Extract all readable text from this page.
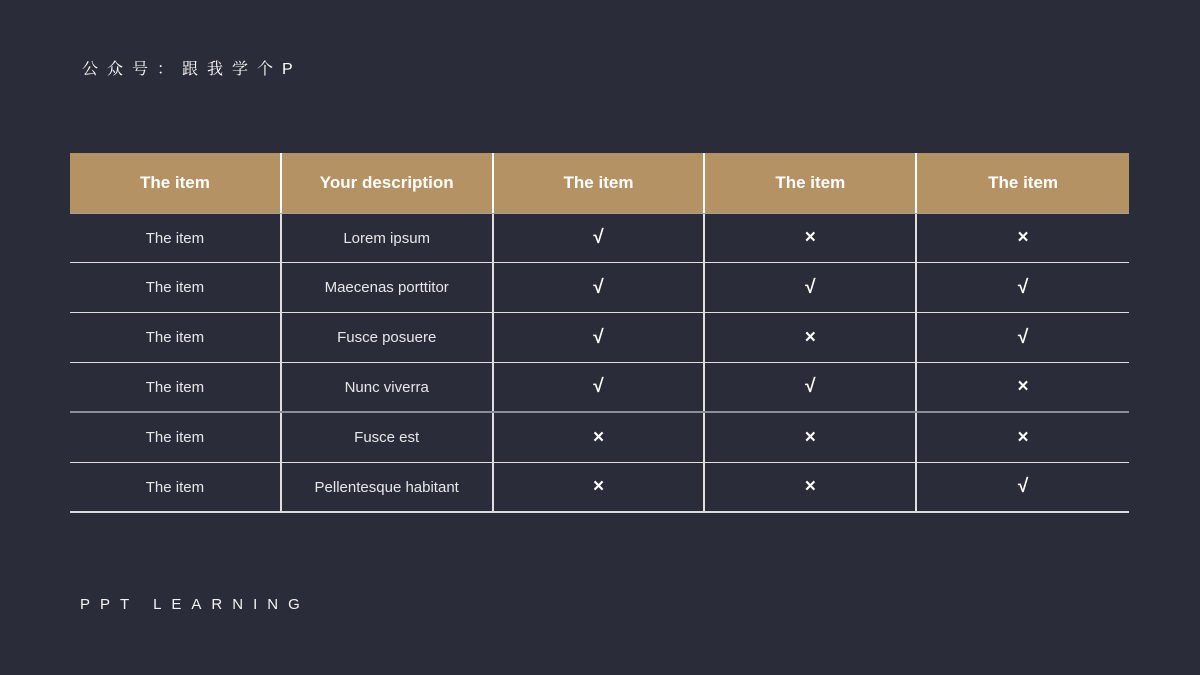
公众号：跟我学个P
The item	Your description	The item	The item	The item
The item	Lorem ipsum	√	×	×
The item	Maecenas porttitor	√	√	√
The item	Fusce posuere	√	×	√
The item	Nunc viverra	√	√	×
The item	Fusce est	×	×	×
The item	Pellentesque habitant	×	×	√
PPT LEARNING
